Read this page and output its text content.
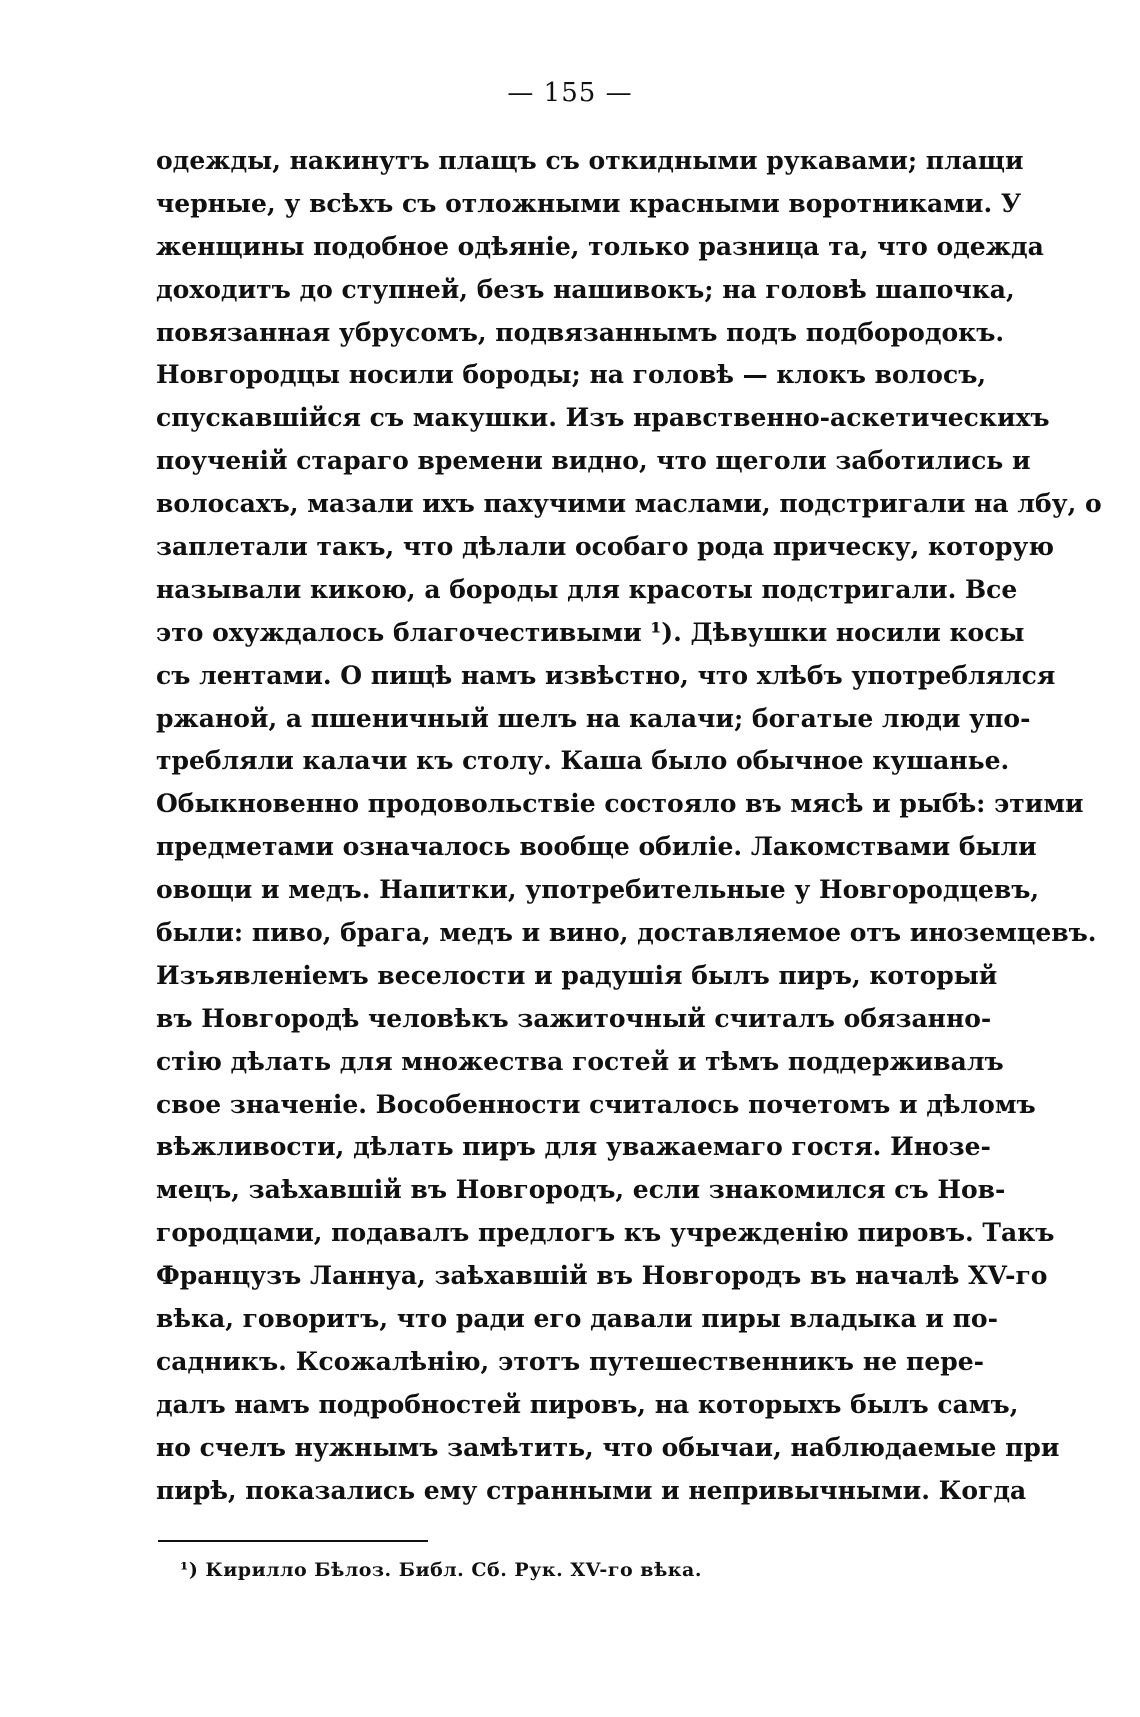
— 155 —
одежды, накинутъ плащъ съ откидными рукавами; плащи
черные, у всѣхъ съ отложными красными воротниками. У
женщины подобное одѣяніе, только разница та, что одежда
доходитъ до ступней, безъ нашивокъ; на головѣ шапочка,
повязанная убрусомъ, подвязаннымъ подъ подбородокъ.
Новгородцы носили бороды; на головѣ — клокъ волосъ,
спускавшійся съ макушки. Изъ нравственно-аскетическихъ
поученій стараго времени видно, что щеголи заботились и
волосахъ, мазали ихъ пахучими маслами, подстригали на лбу, о
заплетали такъ, что дѣлали особаго рода прическу, которую
называли кикою, а бороды для красоты подстригали. Все
это охуждалось благочестивыми ¹). Дѣвушки носили косы
съ лентами. О пищѣ намъ извѣстно, что хлѣбъ употреблялся
ржаной, а пшеничный шелъ на калачи; богатые люди упо-
требляли калачи къ столу. Каша было обычное кушанье.
Обыкновенно продовольствіе состояло въ мясѣ и рыбѣ: этими
предметами означалось вообще обиліе. Лакомствами были
овощи и медъ. Напитки, употребительные у Новгородцевъ,
были: пиво, брага, медъ и вино, доставляемое отъ иноземцевъ.
Изъявленіемъ веселости и радушія былъ пиръ, который
въ Новгородѣ человѣкъ зажиточный считалъ обязанно-
стію дѣлать для множества гостей и тѣмъ поддерживалъ
свое значеніе. Вособенности считалось почетомъ и дѣломъ
вѣжливости, дѣлать пиръ для уважаемаго гостя. Инозе-
мецъ, заѣхавшій въ Новгородъ, если знакомился съ Нов-
городцами, подавалъ предлогъ къ учрежденію пировъ. Такъ
Французъ Ланнуа, заѣхавшій въ Новгородъ въ началѣ XV-го
вѣка, говоритъ, что ради его давали пиры владыка и по-
садникъ. Ксожалѣнію, этотъ путешественникъ не пере-
далъ намъ подробностей пировъ, на которыхъ былъ самъ,
но счелъ нужнымъ замѣтить, что обычаи, наблюдаемые при
пирѣ, показались ему странными и непривычными. Когда
¹) Кирилло Бѣлоз. Библ. Сб. Рук. XV-го вѣка.
